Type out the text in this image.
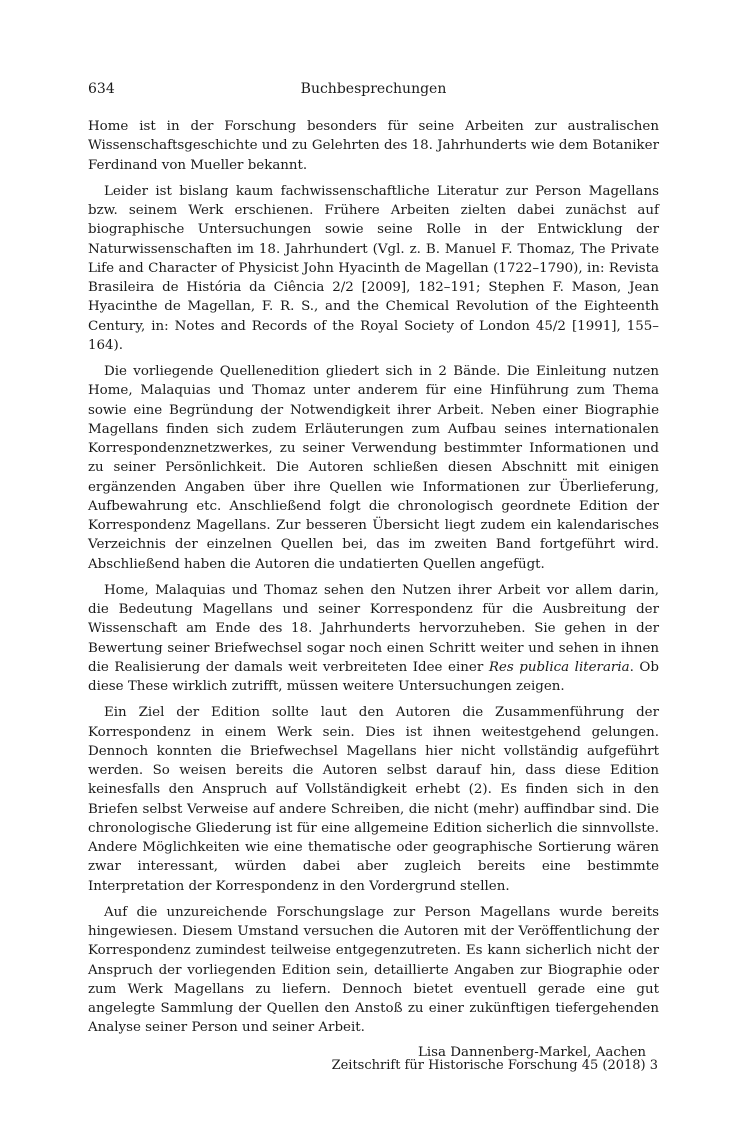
634	Buchbesprechungen

Home ist in der Forschung besonders für seine Arbeiten zur australischen Wissenschaftsgeschichte und zu Gelehrten des 18. Jahrhunderts wie dem Botaniker Ferdinand von Mueller bekannt.

Leider ist bislang kaum fachwissenschaftliche Literatur zur Person Magellans bzw. seinem Werk erschienen. Frühere Arbeiten zielten dabei zunächst auf biographische Untersuchungen sowie seine Rolle in der Entwicklung der Naturwissenschaften im 18. Jahrhundert (Vgl. z. B. Manuel F. Thomaz, The Private Life and Character of Physicist John Hyacinth de Magellan (1722–1790), in: Revista Brasileira de História da Ciência 2/2 [2009], 182–191; Stephen F. Mason, Jean Hyacinthe de Magellan, F. R. S., and the Chemical Revolution of the Eighteenth Century, in: Notes and Records of the Royal Society of London 45/2 [1991], 155–164).

Die vorliegende Quellenedition gliedert sich in 2 Bände. Die Einleitung nutzen Home, Malaquias und Thomaz unter anderem für eine Hinführung zum Thema sowie eine Begründung der Notwendigkeit ihrer Arbeit. Neben einer Biographie Magellans finden sich zudem Erläuterungen zum Aufbau seines internationalen Korrespondenznetzwerkes, zu seiner Verwendung bestimmter Informationen und zu seiner Persönlichkeit. Die Autoren schließen diesen Abschnitt mit einigen ergänzenden Angaben über ihre Quellen wie Informationen zur Überlieferung, Aufbewahrung etc. Anschließend folgt die chronologisch geordnete Edition der Korrespondenz Magellans. Zur besseren Übersicht liegt zudem ein kalendarisches Verzeichnis der einzelnen Quellen bei, das im zweiten Band fortgeführt wird. Abschließend haben die Autoren die undatierten Quellen angefügt.

Home, Malaquias und Thomaz sehen den Nutzen ihrer Arbeit vor allem darin, die Bedeutung Magellans und seiner Korrespondenz für die Ausbreitung der Wissenschaft am Ende des 18. Jahrhunderts hervorzuheben. Sie gehen in der Bewertung seiner Briefwechsel sogar noch einen Schritt weiter und sehen in ihnen die Realisierung der damals weit verbreiteten Idee einer Res publica literaria. Ob diese These wirklich zutrifft, müssen weitere Untersuchungen zeigen.

Ein Ziel der Edition sollte laut den Autoren die Zusammenführung der Korrespondenz in einem Werk sein. Dies ist ihnen weitestgehend gelungen. Dennoch konnten die Briefwechsel Magellans hier nicht vollständig aufgeführt werden. So weisen bereits die Autoren selbst darauf hin, dass diese Edition keinesfalls den Anspruch auf Vollständigkeit erhebt (2). Es finden sich in den Briefen selbst Verweise auf andere Schreiben, die nicht (mehr) auffindbar sind. Die chronologische Gliederung ist für eine allgemeine Edition sicherlich die sinnvollste. Andere Möglichkeiten wie eine thematische oder geographische Sortierung wären zwar interessant, würden dabei aber zugleich bereits eine bestimmte Interpretation der Korrespondenz in den Vordergrund stellen.

Auf die unzureichende Forschungslage zur Person Magellans wurde bereits hingewiesen. Diesem Umstand versuchen die Autoren mit der Veröffentlichung der Korrespondenz zumindest teilweise entgegenzutreten. Es kann sicherlich nicht der Anspruch der vorliegenden Edition sein, detaillierte Angaben zur Biographie oder zum Werk Magellans zu liefern. Dennoch bietet eventuell gerade eine gut angelegte Sammlung der Quellen den Anstoß zu einer zukünftigen tiefergehenden Analyse seiner Person und seiner Arbeit.

Lisa Dannenberg-Markel, Aachen
Zeitschrift für Historische Forschung 45 (2018) 3
